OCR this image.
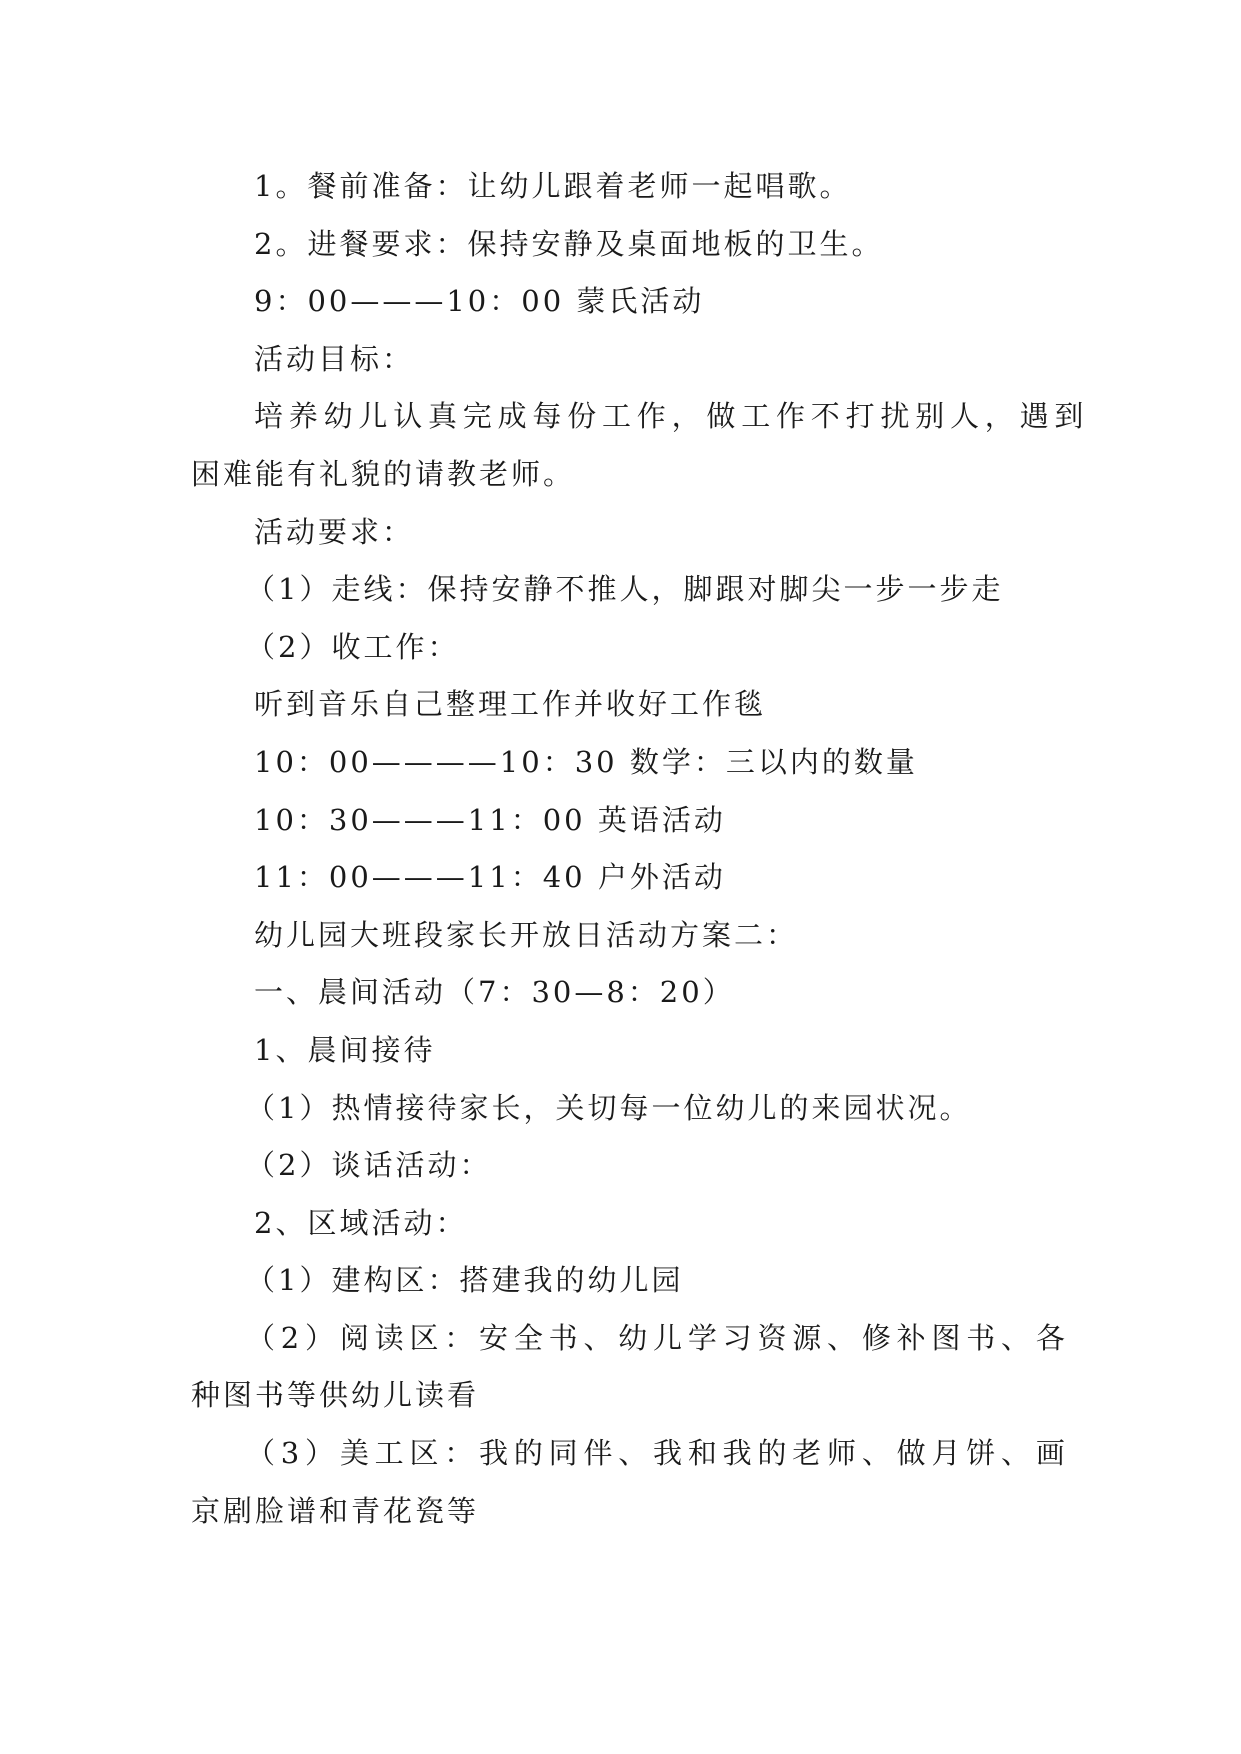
1。餐前准备：让幼儿跟着老师一起唱歌。
2。进餐要求：保持安静及桌面地板的卫生。
9：00———10：00 蒙氏活动
活动目标：
培养幼儿认真完成每份工作，做工作不打扰别人，遇到
困难能有礼貌的请教老师。
活动要求：
（1）走线：保持安静不推人，脚跟对脚尖一步一步走
（2）收工作：
听到音乐自己整理工作并收好工作毯
10：00————10：30 数学：三以内的数量
10：30———11：00 英语活动
11：00———11：40 户外活动
幼儿园大班段家长开放日活动方案二：
一、晨间活动（7：30—8：20）
1、晨间接待
（1）热情接待家长，关切每一位幼儿的来园状况。
（2）谈话活动：
2、区域活动：
（1）建构区：搭建我的幼儿园
（2）阅读区：安全书、幼儿学习资源、修补图书、各
种图书等供幼儿读看
（3）美工区：我的同伴、我和我的老师、做月饼、画
京剧脸谱和青花瓷等
